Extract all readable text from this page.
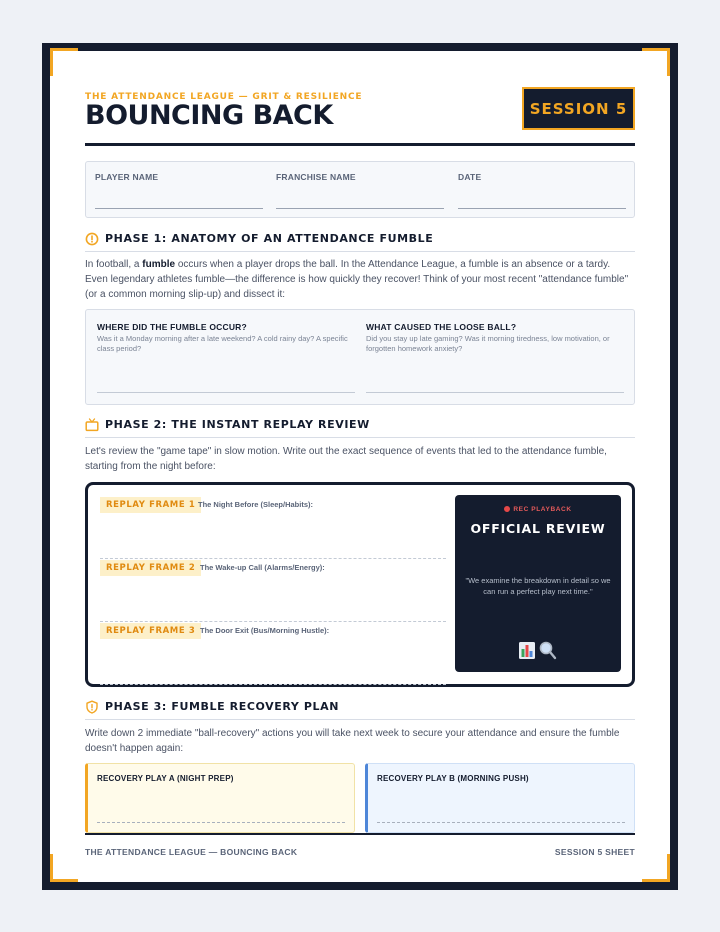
THE ATTENDANCE LEAGUE — GRIT & RESILIENCE
BOUNCING BACK	SESSION 5
PLAYER NAME	FRANCHISE NAME	DATE
PHASE 1: ANATOMY OF AN ATTENDANCE FUMBLE
In football, a fumble occurs when a player drops the ball. In the Attendance League, a fumble is an absence or a tardy. Even legendary athletes fumble—the difference is how quickly they recover! Think of your most recent "attendance fumble" (or a common morning slip-up) and dissect it:
WHERE DID THE FUMBLE OCCUR?
Was it a Monday morning after a late weekend? A cold rainy day? A specific class period?
WHAT CAUSED THE LOOSE BALL?
Did you stay up late gaming? Was it morning tiredness, low motivation, or forgotten homework anxiety?
PHASE 2: THE INSTANT REPLAY REVIEW
Let's review the "game tape" in slow motion. Write out the exact sequence of events that led to the attendance fumble, starting from the night before:
REPLAY FRAME 1 The Night Before (Sleep/Habits):
REPLAY FRAME 2 The Wake-up Call (Alarms/Energy):
REPLAY FRAME 3 The Door Exit (Bus/Morning Hustle):
REC PLAYBACK
OFFICIAL REVIEW
"We examine the breakdown in detail so we can run a perfect play next time."
PHASE 3: FUMBLE RECOVERY PLAN
Write down 2 immediate "ball-recovery" actions you will take next week to secure your attendance and ensure the fumble doesn't happen again:
RECOVERY PLAY A (NIGHT PREP)	RECOVERY PLAY B (MORNING PUSH)
THE ATTENDANCE LEAGUE — BOUNCING BACK	SESSION 5 SHEET
